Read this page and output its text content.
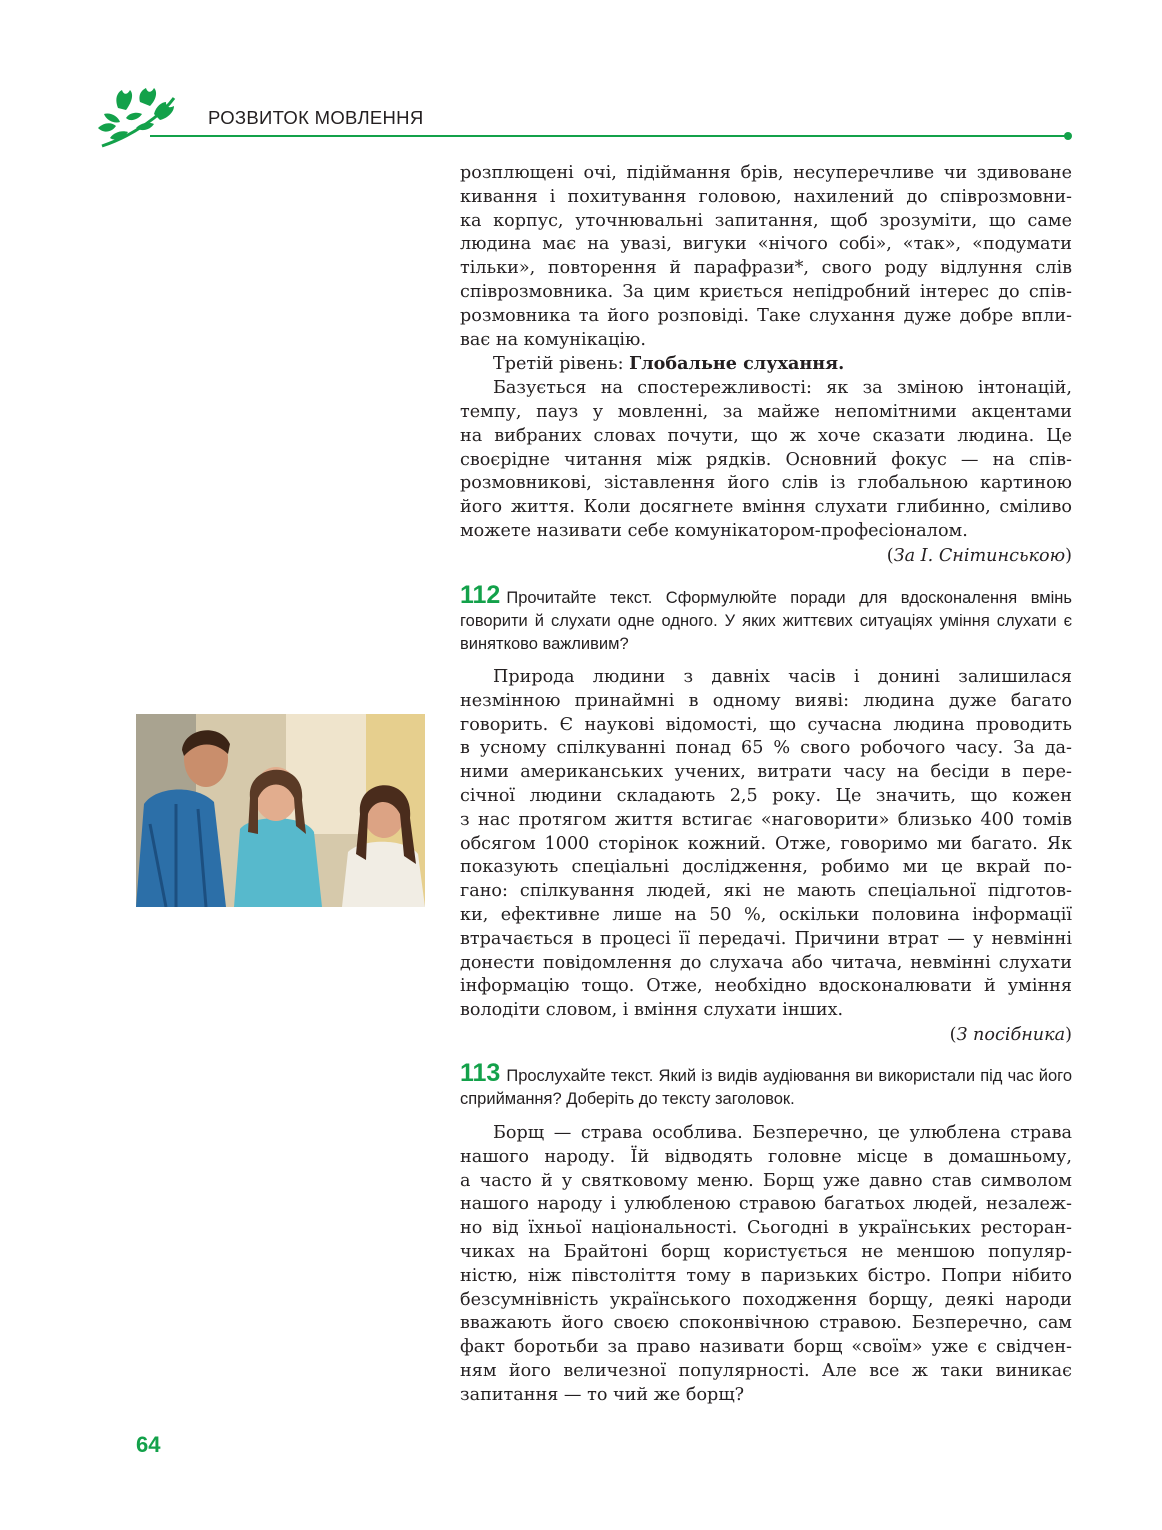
РОЗВИТОК МОВЛЕННЯ

розплющені очі, підіймання брів, несуперечливе чи здивоване

кивання і похитування головою, нахилений до співрозмовни-

ка корпус, уточнювальні запитання, щоб зрозуміти, що саме

людина має на увазі, вигуки «нічого собі», «так», «подумати

тільки», повторення й парафрази*, свого роду відлуння слів

співрозмовника. За цим криється непідробний інтерес до спів-

розмовника та його розповіді. Таке слухання дуже добре впли-

ває на комунікацію.

Третій рівень: Глобальне слухання.

Базується на спостережливості: як за зміною інтонацій,

темпу, пауз у мовленні, за майже непомітними акцентами

на вибраних словах почути, що ж хоче сказати людина. Це

своєрідне читання між рядків. Основний фокус — на спів-

розмовникові, зіставлення його слів із глобальною картиною

його життя. Коли досягнете вміння слухати глибинно, сміливо

можете називати себе комунікатором-професіоналом.

(За І. Снітинською)

112 Прочитайте текст. Сформулюйте поради для вдосконалення вмінь говорити й слухати одне одного. У яких життєвих ситуаціях уміння слухати є винятково важливим?

Природа людини з давніх часів і донині залишилася

незмінною принаймні в одному вияві: людина дуже багато

говорить. Є наукові відомості, що сучасна людина проводить

в усному спілкуванні понад 65 % свого робочого часу. За да-

ними американських учених, витрати часу на бесіди в пере-

січної людини складають 2,5 року. Це значить, що кожен

з нас протягом життя встигає «наговорити» близько 400 томів

обсягом 1000 сторінок кожний. Отже, говоримо ми багато. Як

показують спеціальні дослідження, робимо ми це вкрай по-

гано: спілкування людей, які не мають спеціальної підготов-

ки, ефективне лише на 50 %, оскільки половина інформації

втрачається в процесі її передачі. Причини втрат — у невмінні

донести повідомлення до слухача або читача, невмінні слухати

інформацію тощо. Отже, необхідно вдосконалювати й уміння

володіти словом, і вміння слухати інших.

(З посібника)

113 Прослухайте текст. Який із видів аудіювання ви використали під час його сприймання? Доберіть до тексту заголовок.

Борщ — страва особлива. Безперечно, це улюблена страва

нашого народу. Їй відводять головне місце в домашньому,

а часто й у святковому меню. Борщ уже давно став символом

нашого народу і улюбленою стравою багатьох людей, незалеж-

но від їхньої національності. Сьогодні в українських ресторан-

чиках на Брайтоні борщ користується не меншою популяр-

ністю, ніж півстоліття тому в паризьких бістро. Попри нібито

безсумнівність українського походження борщу, деякі народи

вважають його своєю споконвічною стравою. Безперечно, сам

факт боротьби за право називати борщ «своїм» уже є свідчен-

ням його величезної популярності. Але все ж таки виникає

запитання — то чий же борщ?

64
